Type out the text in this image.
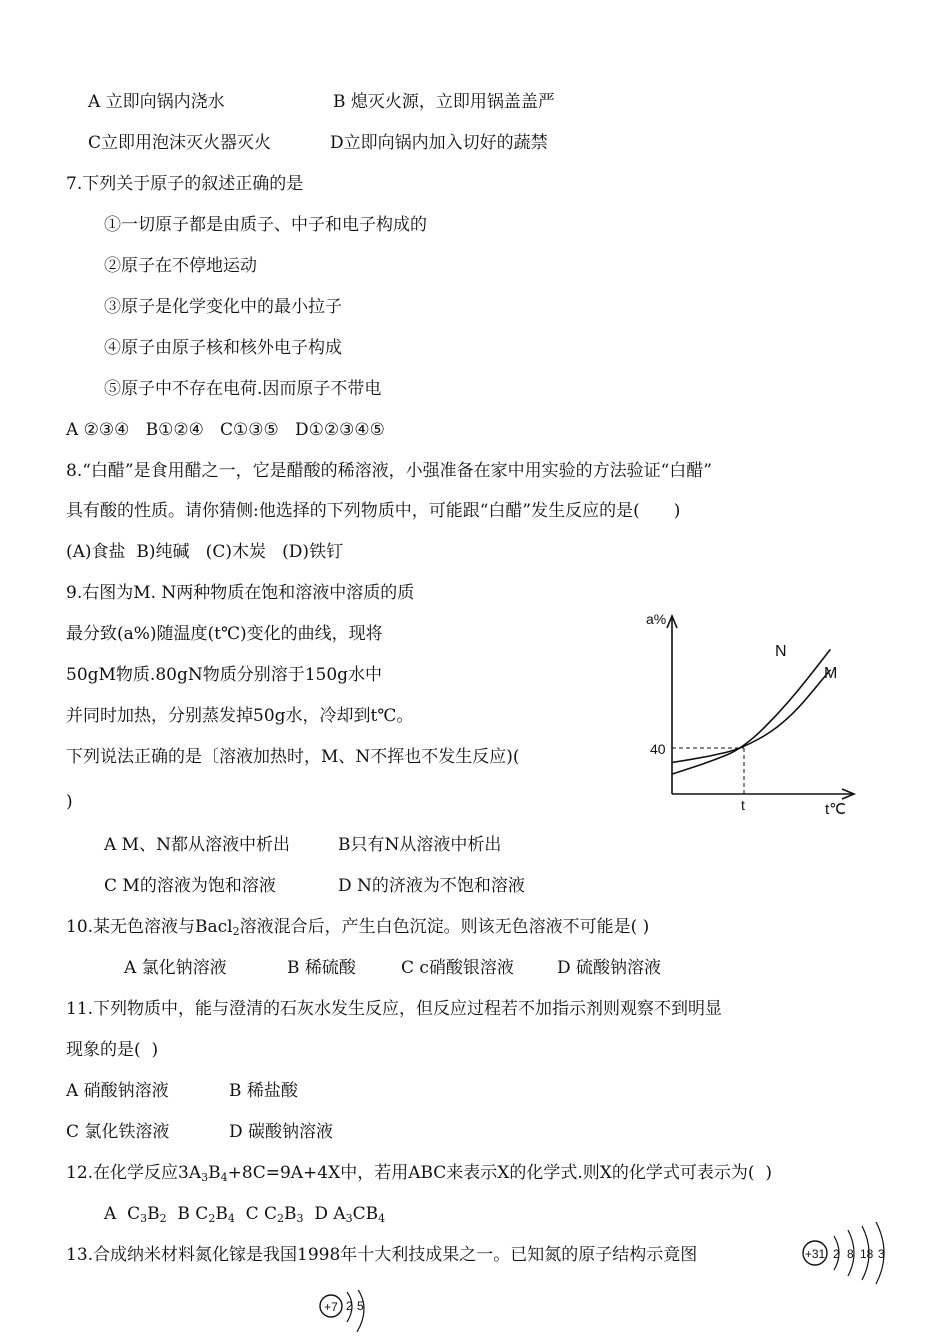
A 立即向锅内浇水	B 熄灭火源，立即用锅盖盖严
C立即用泡沫灭火器灭火	D立即向锅内加入切好的蔬禁
7.下列关于原子的叙述正确的是
①一切原子都是由质子、中子和电子构成的
②原子在不停地运动
③原子是化学变化中的最小拉子
④原子由原子核和核外电子构成
⑤原子中不存在电荷.因而原子不带电
A ②③④   B①②④   C①③⑤   D①②③④⑤
8.“白醋”是食用醋之一，它是醋酸的稀溶液，小强准备在家中用实验的方法验证“白醋”
具有酸的性质。请你猜侧:他选择的下列物质中，可能跟“白醋”发生反应的是(　　)
(A)食盐  B)纯碱   (C)木炭   (D)铁钉
9.右图为M. N两种物质在饱和溶液中溶质的质
最分致(a%)随温度(t℃)变化的曲线，现将
50gM物质.80gN物质分别溶于150g水中
并同时加热，分别蒸发掉50g水，冷却到t℃。
下列说法正确的是〔溶液加热时，M、N不挥也不发生反应)(
)
A M、N都从溶液中析出	B只有N从溶液中析出
C M的溶液为饱和溶液	D N的济液为不饱和溶液
a%
t℃
40
t
N
M
10.某无色溶液与Bacl$_2$溶液混合后，产生白色沉淀。则该无色溶液不可能是( )
A 氯化钠溶液	B 稀硫酸	C c硝酸银溶液	D 硫酸钠溶液
11.下列物质中，能与澄清的石灰水发生反应，但反应过程若不加指示剂则观察不到明显
现象的是(  )
A 硝酸钠溶液	B 稀盐酸
C 氯化铁溶液	D 碳酸钠溶液
12.在化学反应$3A_3B_4+8C=9A+4X$中，若用ABC来表示X的化学式.则X的化学式可表示为(  )
A  $C_3B_2$  B $C_2B_4$  C $C_2B_3$  D $A_3CB_4$
13.合成纳米材料氮化镓是我国1998年十大利技成果之一。已知氮的原子结构示竟图	+31 2 8 18 3
+7 2 5
